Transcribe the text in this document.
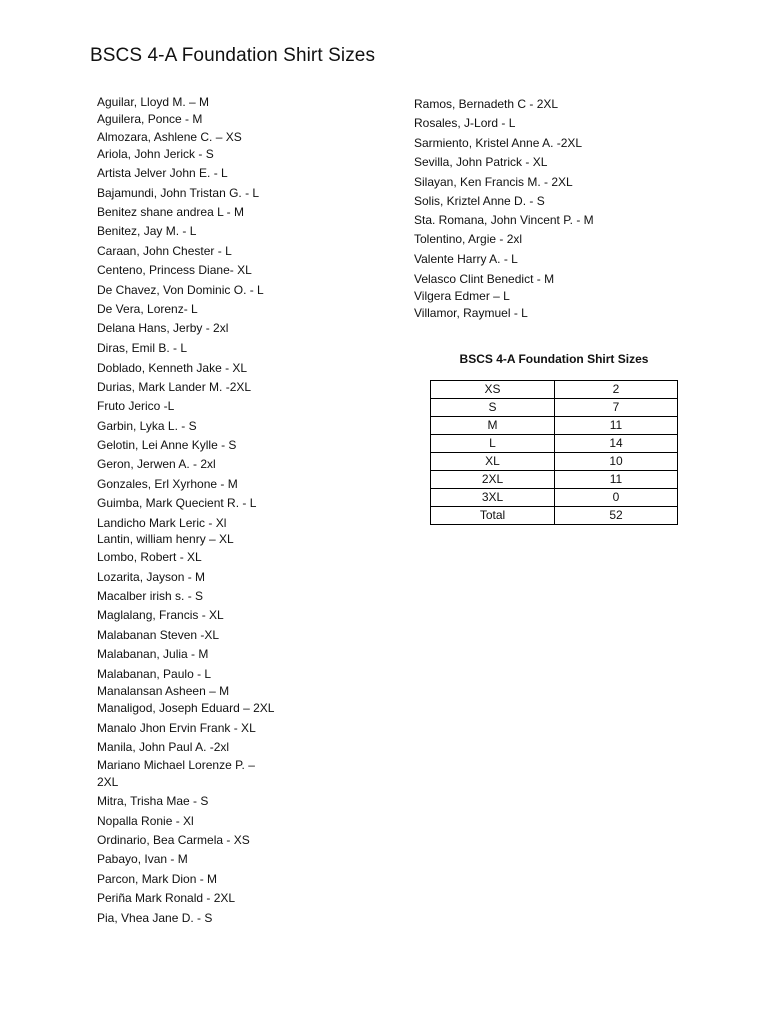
BSCS 4-A Foundation Shirt Sizes
Aguilar, Lloyd M. – M
Aguilera, Ponce - M
Almozara, Ashlene C. – XS
Ariola, John Jerick - S
Artista Jelver John E. - L
Bajamundi, John Tristan G. - L
Benitez shane andrea L - M
Benitez, Jay M. - L
Caraan, John Chester - L
Centeno, Princess Diane- XL
De Chavez, Von Dominic O. - L
De Vera, Lorenz- L
Delana Hans, Jerby - 2xl
Diras, Emil B. - L
Doblado, Kenneth Jake - XL
Durias, Mark Lander M. -2XL
Fruto Jerico -L
Garbin, Lyka L. - S
Gelotin, Lei Anne Kylle - S
Geron, Jerwen A. - 2xl
Gonzales, Erl Xyrhone - M
Guimba, Mark Quecient R. - L
Landicho Mark Leric - Xl
Lantin, william henry – XL
Lombo, Robert - XL
Lozarita, Jayson - M
Macalber irish s. - S
Maglalang, Francis - XL
Malabanan Steven -XL
Malabanan, Julia - M
Malabanan, Paulo - L
Manalansan Asheen – M
Manaligod, Joseph Eduard – 2XL
Manalo Jhon Ervin Frank - XL
Manila, John Paul A. -2xl
Mariano Michael Lorenze P. –
2XL
Mitra, Trisha Mae - S
Nopalla Ronie - Xl
Ordinario, Bea Carmela - XS
Pabayo, Ivan - M
Parcon, Mark Dion - M
Periña Mark Ronald - 2XL
Pia, Vhea Jane D. - S
Ramos, Bernadeth C - 2XL
Rosales, J-Lord - L
Sarmiento, Kristel Anne A. -2XL
Sevilla, John Patrick - XL
Silayan, Ken Francis M. - 2XL
Solis, Kriztel Anne D. - S
Sta. Romana, John Vincent P. - M
Tolentino, Argie - 2xl
Valente Harry A. - L
Velasco Clint Benedict - M
Vilgera Edmer – L
Villamor, Raymuel - L
BSCS 4-A Foundation Shirt Sizes
XS	2
S	7
M	11
L	14
XL	10
2XL	11
3XL	0
Total	52
